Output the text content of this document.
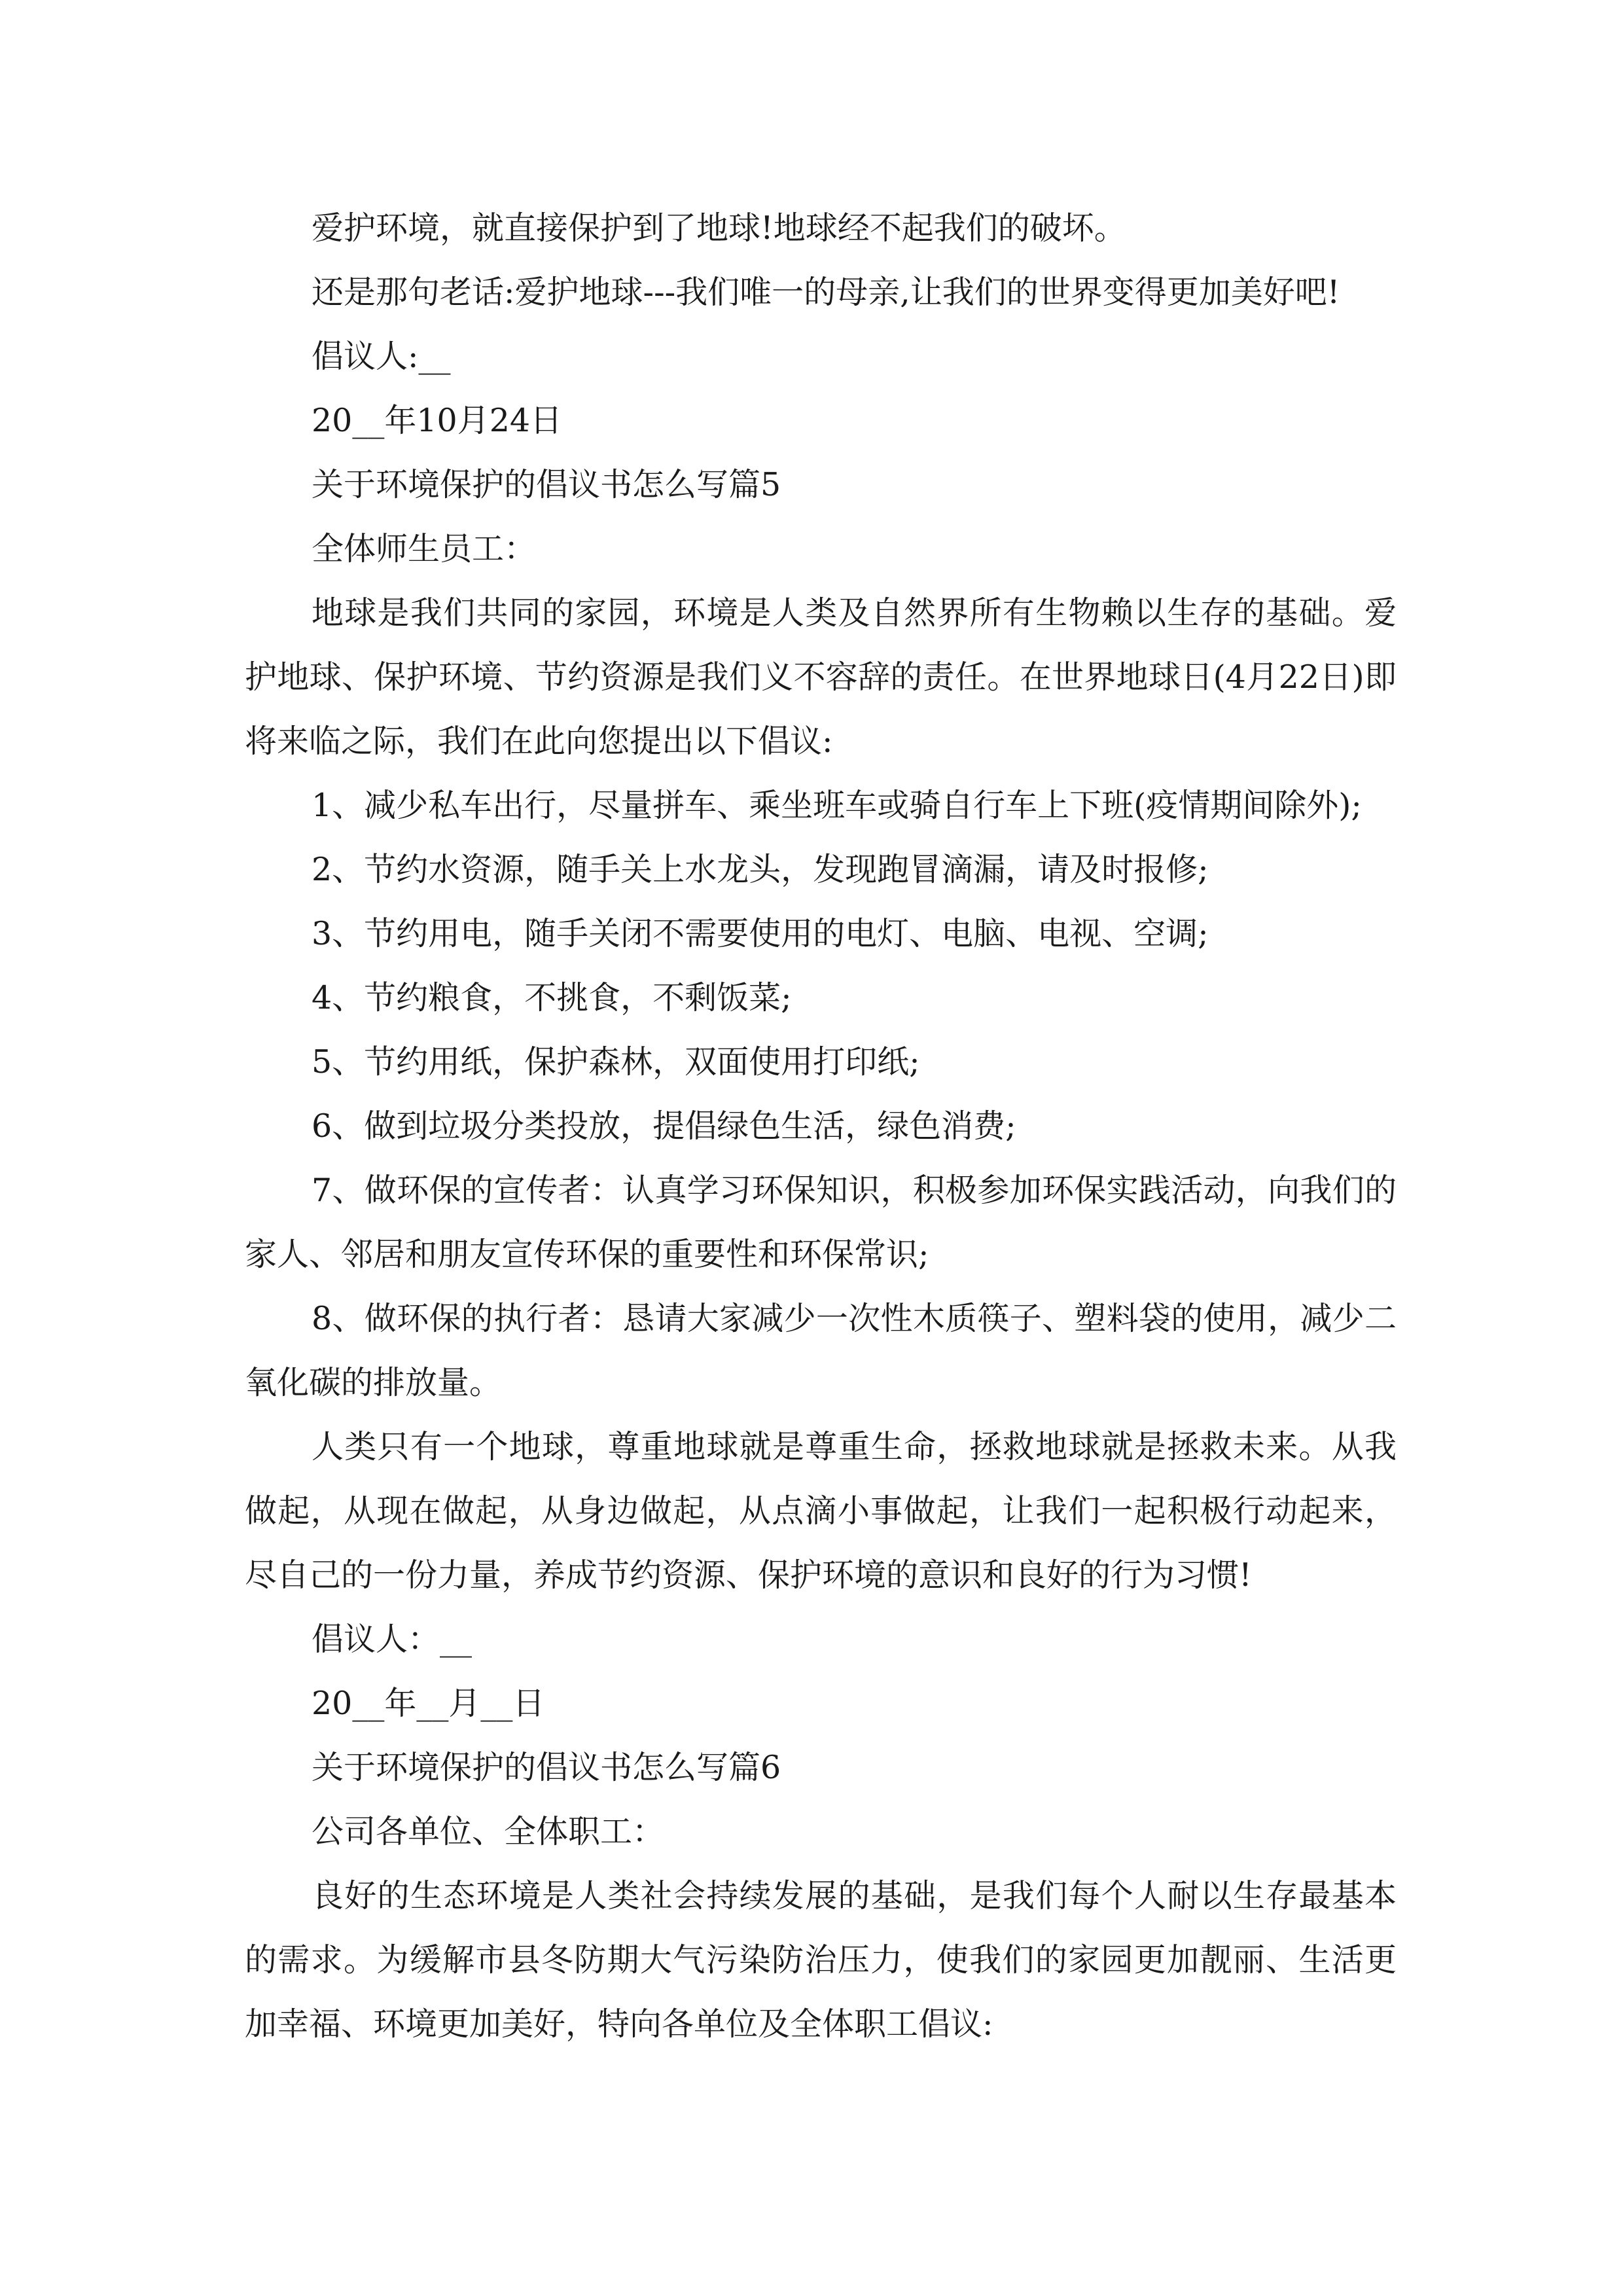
爱护环境，就直接保护到了地球!地球经不起我们的破坏。

还是那句老话:爱护地球---我们唯一的母亲,让我们的世界变得更加美好吧!

倡议人:__

20__年10月24日

关于环境保护的倡议书怎么写篇5

全体师生员工：

地球是我们共同的家园，环境是人类及自然界所有生物赖以生存的基础。爱护地球、保护环境、节约资源是我们义不容辞的责任。在世界地球日(4月22日)即将来临之际，我们在此向您提出以下倡议:

1、减少私车出行，尽量拼车、乘坐班车或骑自行车上下班(疫情期间除外);

2、节约水资源，随手关上水龙头，发现跑冒滴漏，请及时报修;

3、节约用电，随手关闭不需要使用的电灯、电脑、电视、空调;

4、节约粮食，不挑食，不剩饭菜;

5、节约用纸，保护森林，双面使用打印纸;

6、做到垃圾分类投放，提倡绿色生活，绿色消费;

7、做环保的宣传者：认真学习环保知识，积极参加环保实践活动，向我们的家人、邻居和朋友宣传环保的重要性和环保常识;

8、做环保的执行者：恳请大家减少一次性木质筷子、塑料袋的使用，减少二氧化碳的排放量。

人类只有一个地球，尊重地球就是尊重生命，拯救地球就是拯救未来。从我做起，从现在做起，从身边做起，从点滴小事做起，让我们一起积极行动起来，尽自己的一份力量，养成节约资源、保护环境的意识和良好的行为习惯!

倡议人：__

20__年__月__日

关于环境保护的倡议书怎么写篇6

公司各单位、全体职工：

良好的生态环境是人类社会持续发展的基础，是我们每个人耐以生存最基本的需求。为缓解市县冬防期大气污染防治压力，使我们的家园更加靓丽、生活更加幸福、环境更加美好，特向各单位及全体职工倡议:
